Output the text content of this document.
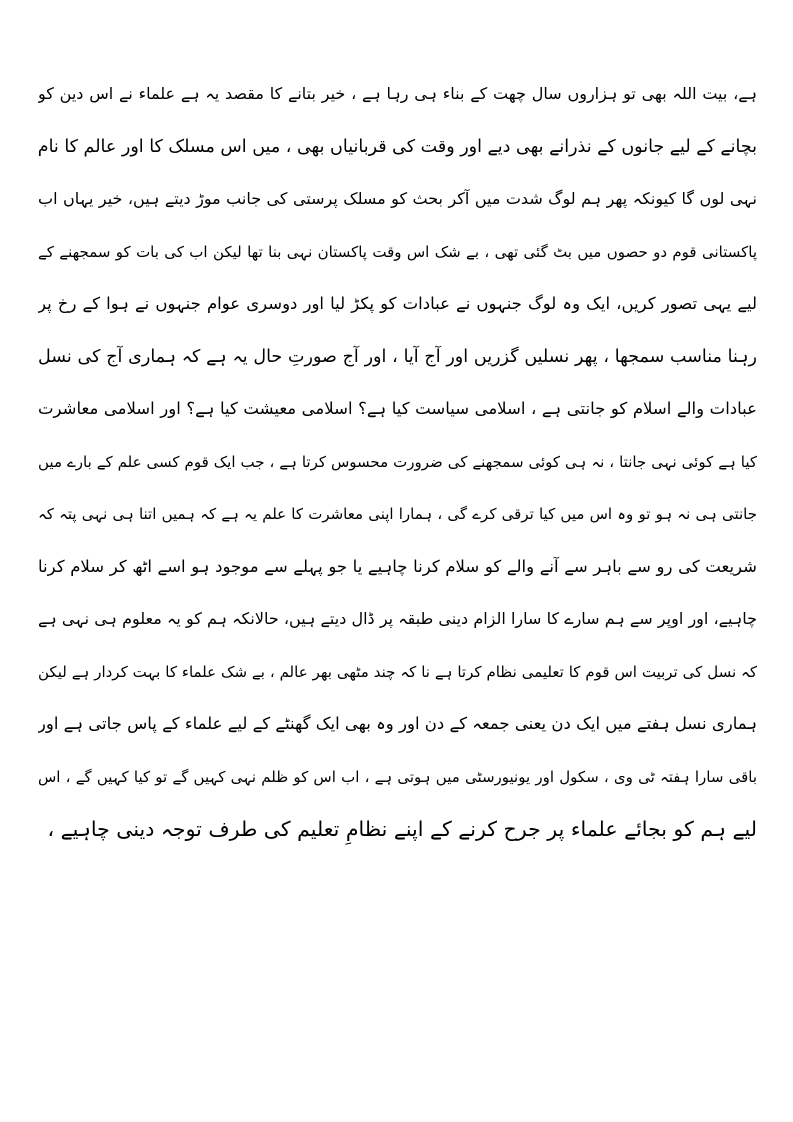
ہے، بیت اللہ بھی تو ہزاروں سال چھت کے بناء ہی رہا ہے ، خیر بتانے کا مقصد یہ ہے علماء نے اس دین کو
بچانے کے لیے جانوں کے نذرانے بھی دیے اور وقت کی قربانیاں بھی ، میں اس مسلک کا اور عالم کا نام
نہی لوں گا کیونکہ پھر ہم لوگ شدت میں آکر بحث کو مسلک پرستی کی جانب موڑ دیتے ہیں، خیر یہاں اب
پاکستانی قوم دو حصوں میں بٹ گئی تھی ، بے شک اس وقت پاکستان نہی بنا تھا لیکن اب کی بات کو سمجھنے کے
لیے یہی تصور کریں، ایک وہ لوگ جنہوں نے عبادات کو پکڑ لیا اور دوسری عوام جنہوں نے ہوا کے رخ پر
رہنا مناسب سمجھا ، پھر نسلیں گزریں اور آج آیا ، اور آج صورتِ حال یہ ہے کہ ہماری آج کی نسل
عبادات والے اسلام کو جانتی ہے ، اسلامی سیاست کیا ہے؟ اسلامی معیشت کیا ہے؟ اور اسلامی معاشرت
کیا ہے کوئی نہی جانتا ، نہ ہی کوئی سمجھنے کی ضرورت محسوس کرتا ہے ، جب ایک قوم کسی علم کے بارے میں
جانتی ہی نہ ہو تو وہ اس میں کیا ترقی کرے گی ، ہمارا اپنی معاشرت کا علم یہ ہے کہ ہمیں اتنا ہی نہی پتہ کہ
شریعت کی رو سے باہر سے آنے والے کو سلام کرنا چاہیے یا جو پہلے سے موجود ہو اسے اٹھ کر سلام کرنا
چاہیے، اور اوپر سے ہم سارے کا سارا الزام دینی طبقہ پر ڈال دیتے ہیں، حالانکہ ہم کو یہ معلوم ہی نہی ہے
کہ نسل کی تربیت اس قوم کا تعلیمی نظام کرتا ہے نا کہ چند مٹھی بھر عالم ، بے شک علماء کا بہت کردار ہے لیکن
ہماری نسل ہفتے میں ایک دن یعنی جمعہ کے دن اور وہ بھی ایک گھنٹے کے لیے علماء کے پاس جاتی ہے اور
باقی سارا ہفتہ ٹی وی ، سکول اور یونیورسٹی میں ہوتی ہے ، اب اس کو ظلم نہی کہیں گے تو کیا کہیں گے ، اس
لیے ہم کو بجائے علماء پر جرح کرنے کے اپنے نظامِ تعلیم کی طرف توجہ دینی چاہیے ،
